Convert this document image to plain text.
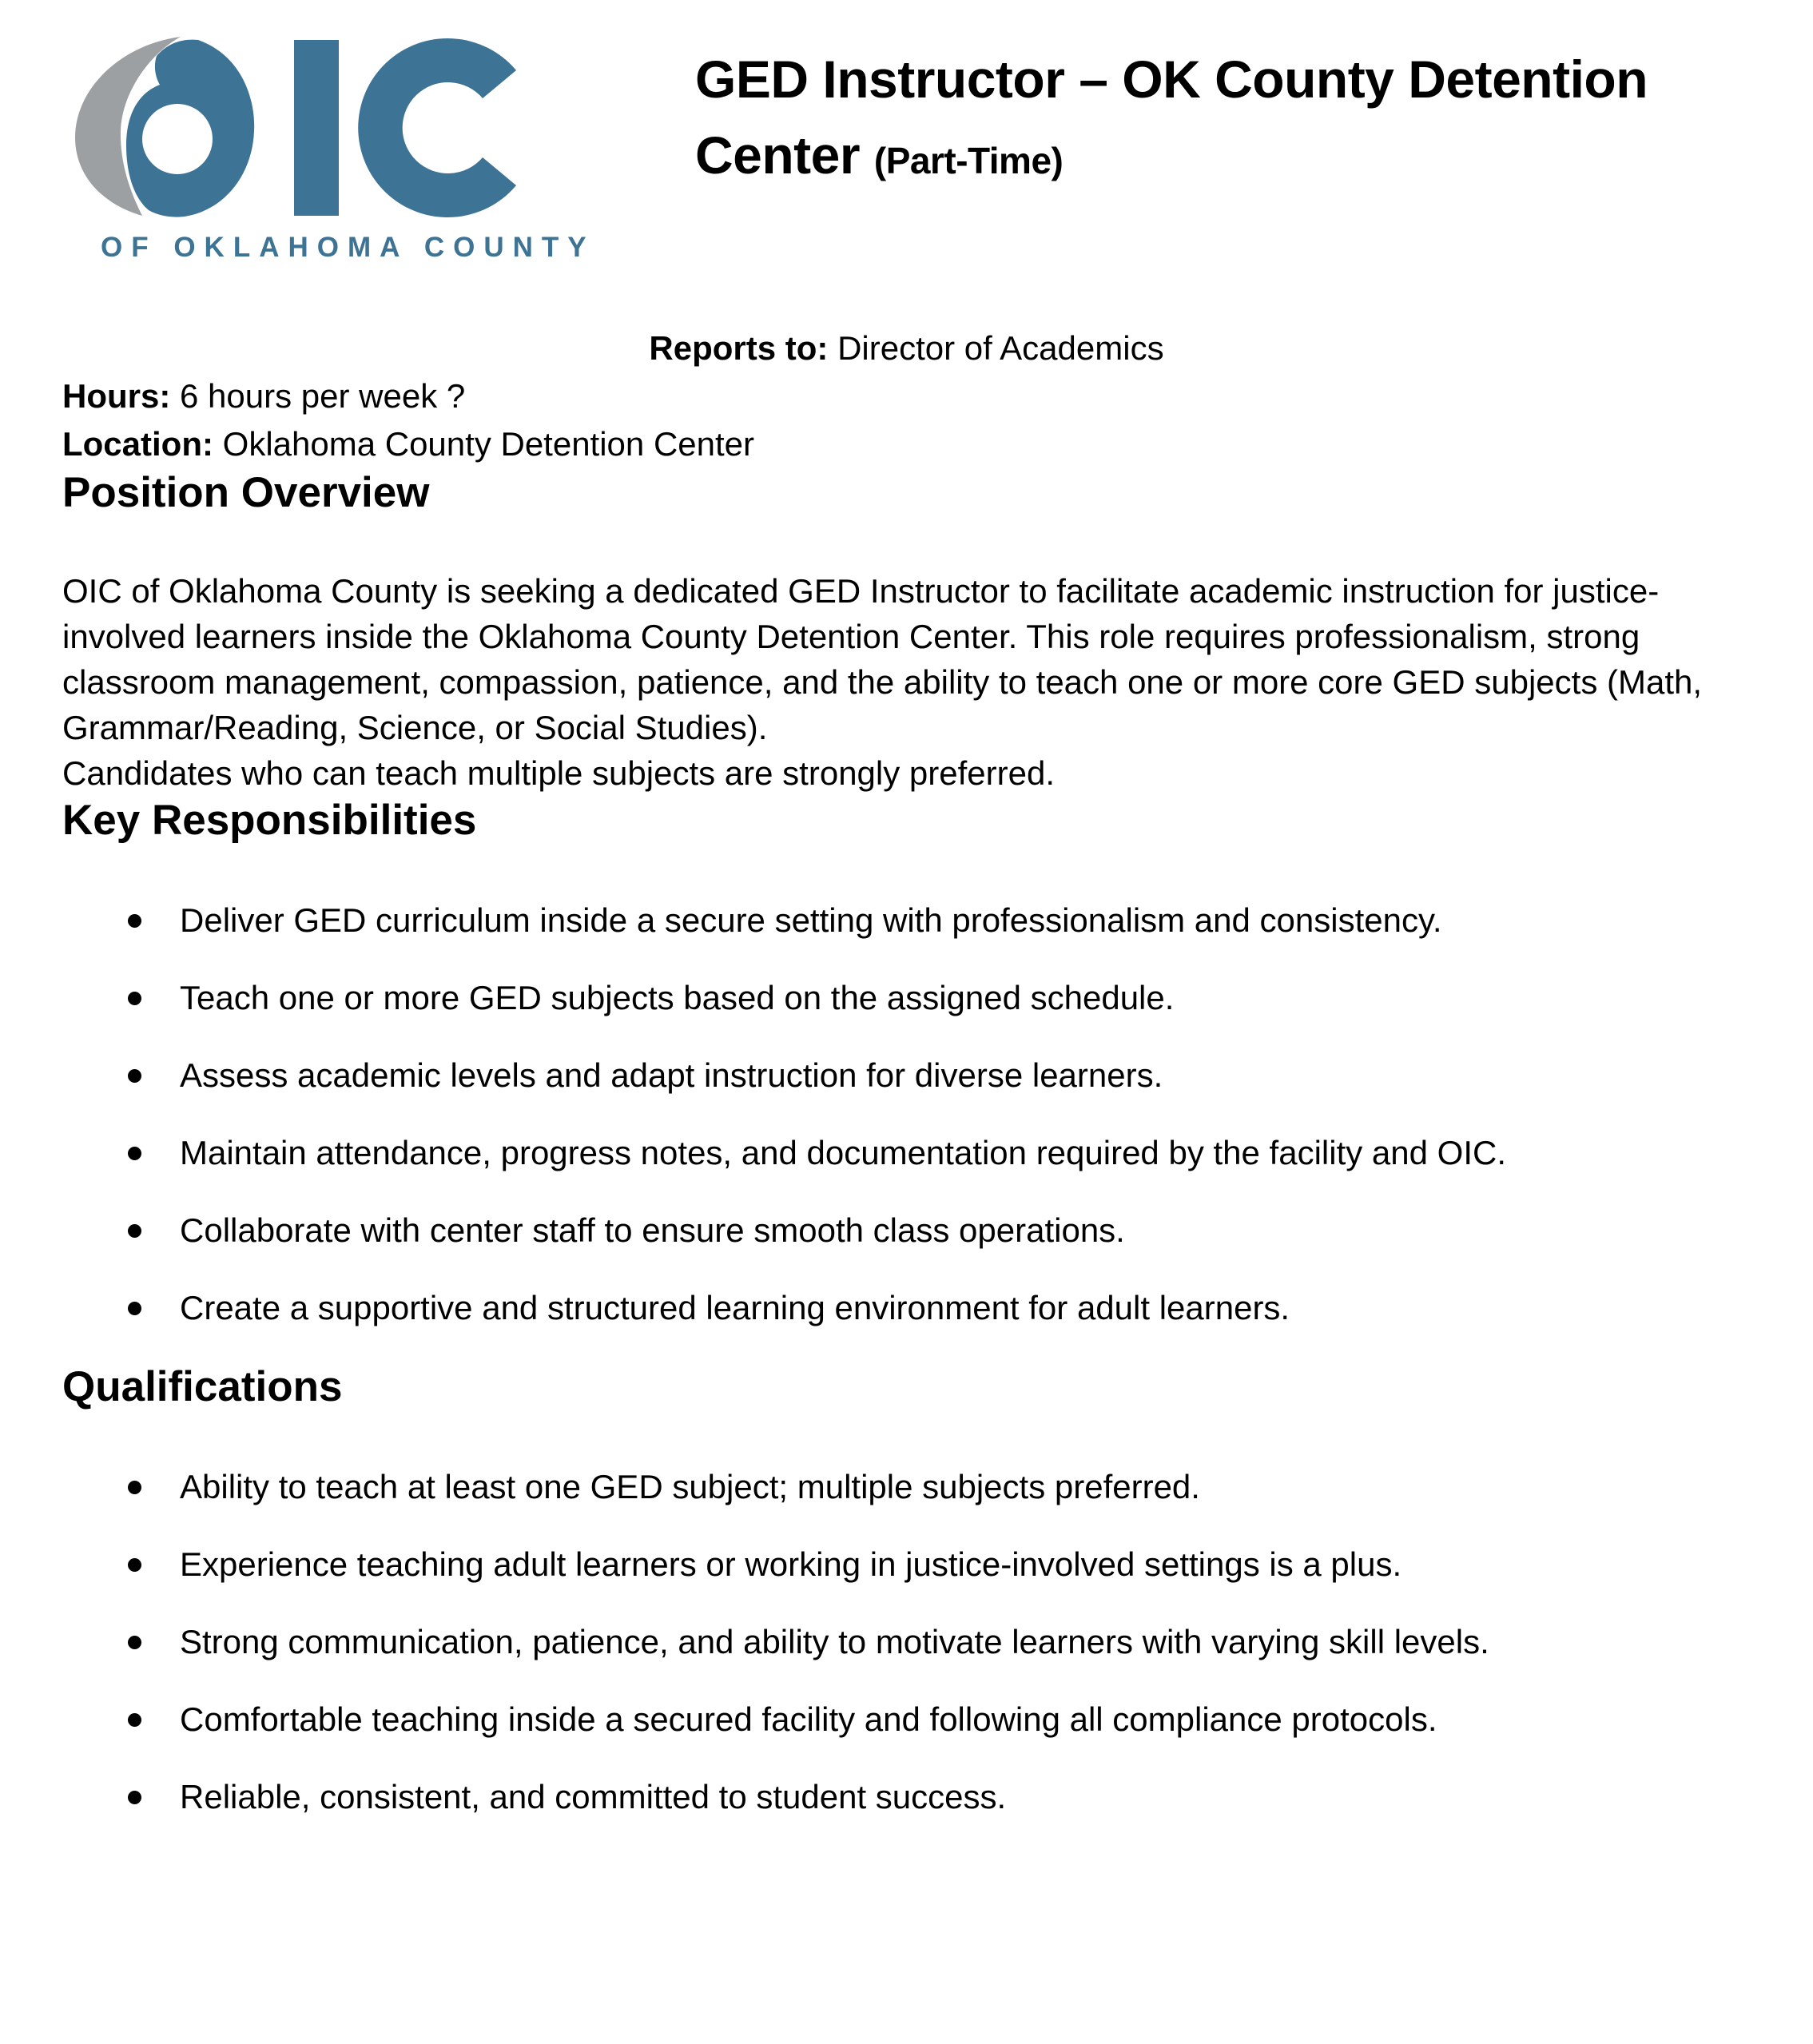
OF OKLAHOMA COUNTY
GED Instructor – OK County Detention Center (Part-Time)
Reports to: Director of Academics
Hours: 6 hours per week ?
Location: Oklahoma County Detention Center
Position Overview
OIC of Oklahoma County is seeking a dedicated GED Instructor to facilitate academic instruction for justice-involved learners inside the Oklahoma County Detention Center. This role requires professionalism, strong classroom management, compassion, patience, and the ability to teach one or more core GED subjects (Math, Grammar/Reading, Science, or Social Studies).
Candidates who can teach multiple subjects are strongly preferred.
Key Responsibilities
Deliver GED curriculum inside a secure setting with professionalism and consistency.
Teach one or more GED subjects based on the assigned schedule.
Assess academic levels and adapt instruction for diverse learners.
Maintain attendance, progress notes, and documentation required by the facility and OIC.
Collaborate with center staff to ensure smooth class operations.
Create a supportive and structured learning environment for adult learners.
Qualifications
Ability to teach at least one GED subject; multiple subjects preferred.
Experience teaching adult learners or working in justice-involved settings is a plus.
Strong communication, patience, and ability to motivate learners with varying skill levels.
Comfortable teaching inside a secured facility and following all compliance protocols.
Reliable, consistent, and committed to student success.
